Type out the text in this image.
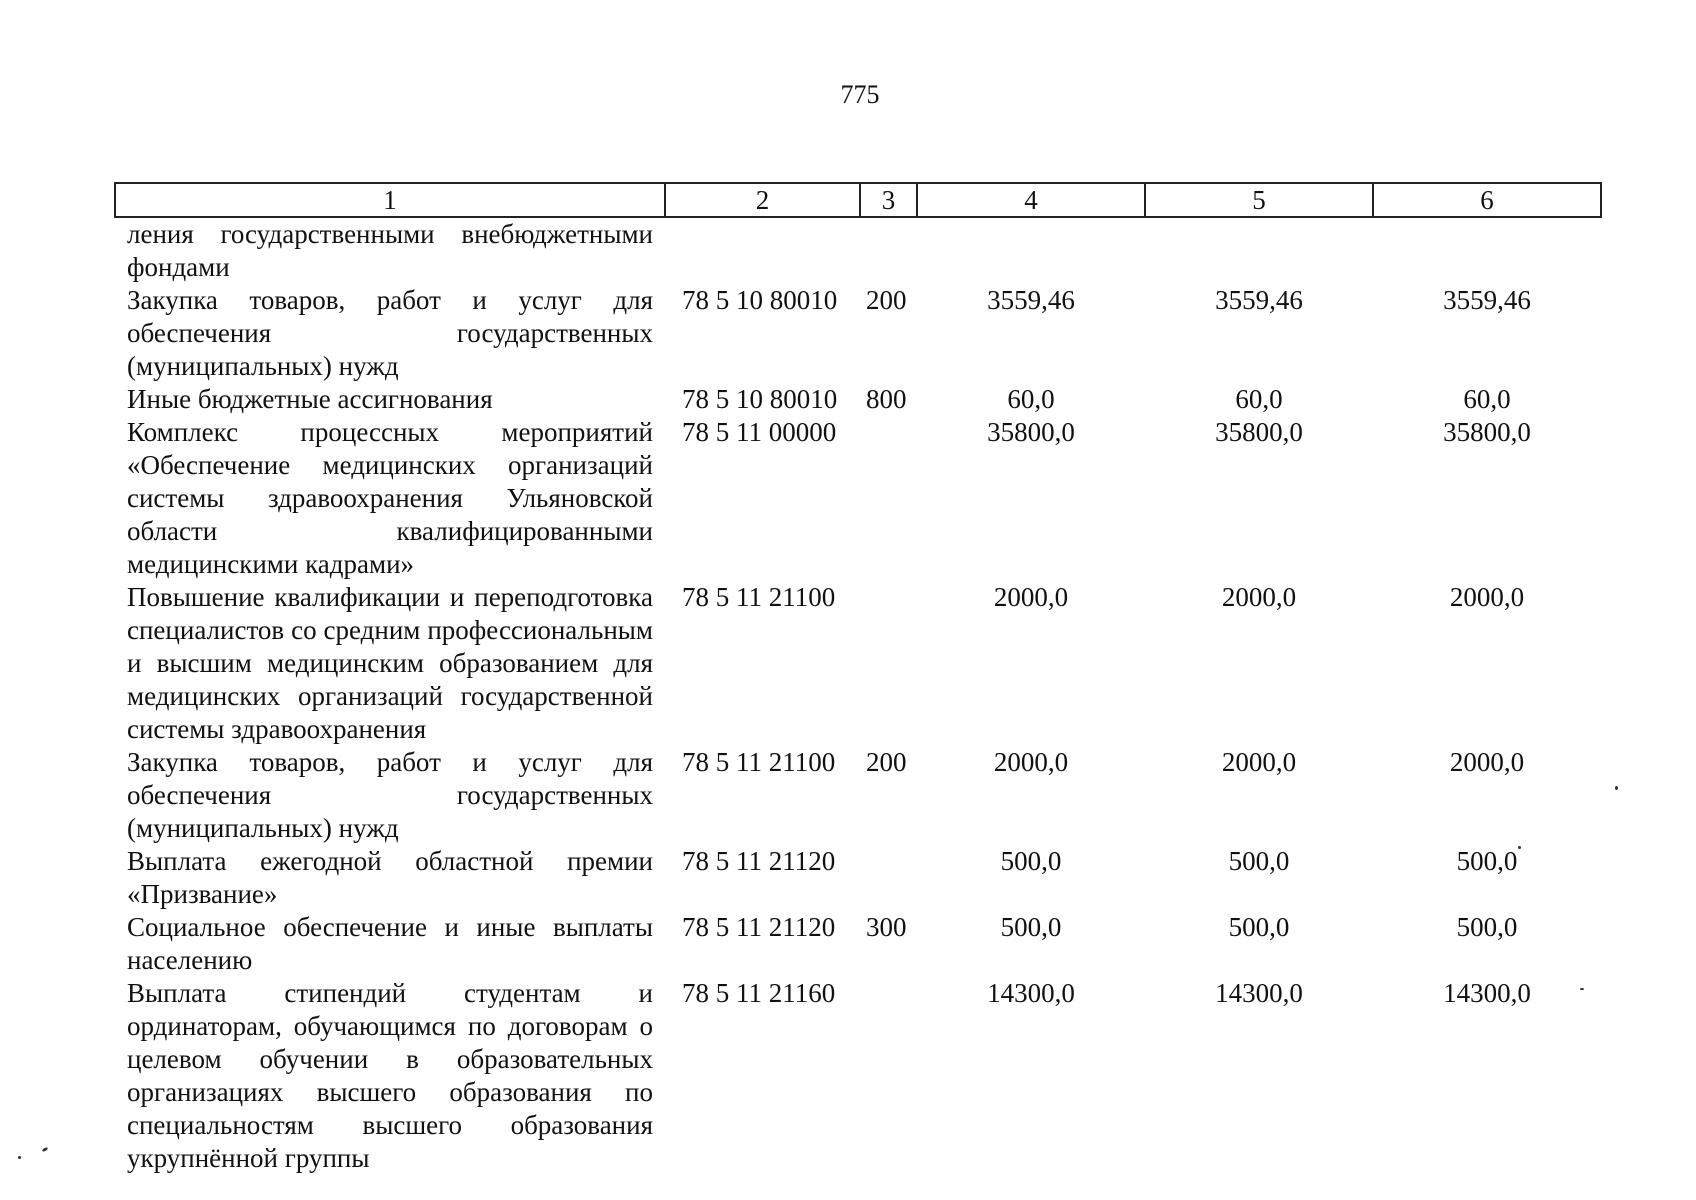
775
1	2	3	4	5	6
ления государственными внебюджетными фондами					
Закупка товаров, работ и услуг для обеспечения государственных (муниципальных) нужд	78 5 10 80010	200	3559,46	3559,46	3559,46
Иные бюджетные ассигнования	78 5 10 80010	800	60,0	60,0	60,0
Комплекс процессных мероприятий «Обеспечение медицинских организаций системы здравоохранения Ульяновской области квалифицированными медицинскими кадрами»	78 5 11 00000		35800,0	35800,0	35800,0
Повышение квалификации и переподготовка специалистов со средним профессиональным и высшим медицинским образованием для медицинских организаций государственной системы здравоохранения	78 5 11 21100		2000,0	2000,0	2000,0
Закупка товаров, работ и услуг для обеспечения государственных (муниципальных) нужд	78 5 11 21100	200	2000,0	2000,0	2000,0
Выплата ежегодной областной премии «Призвание»	78 5 11 21120		500,0	500,0	500,0
Социальное обеспечение и иные выплаты населению	78 5 11 21120	300	500,0	500,0	500,0
Выплата стипендий студентам и ординаторам, обучающимся по договорам о целевом обучении в образовательных организациях высшего образования по специальностям высшего образования укрупнённой группы	78 5 11 21160		14300,0	14300,0	14300,0
